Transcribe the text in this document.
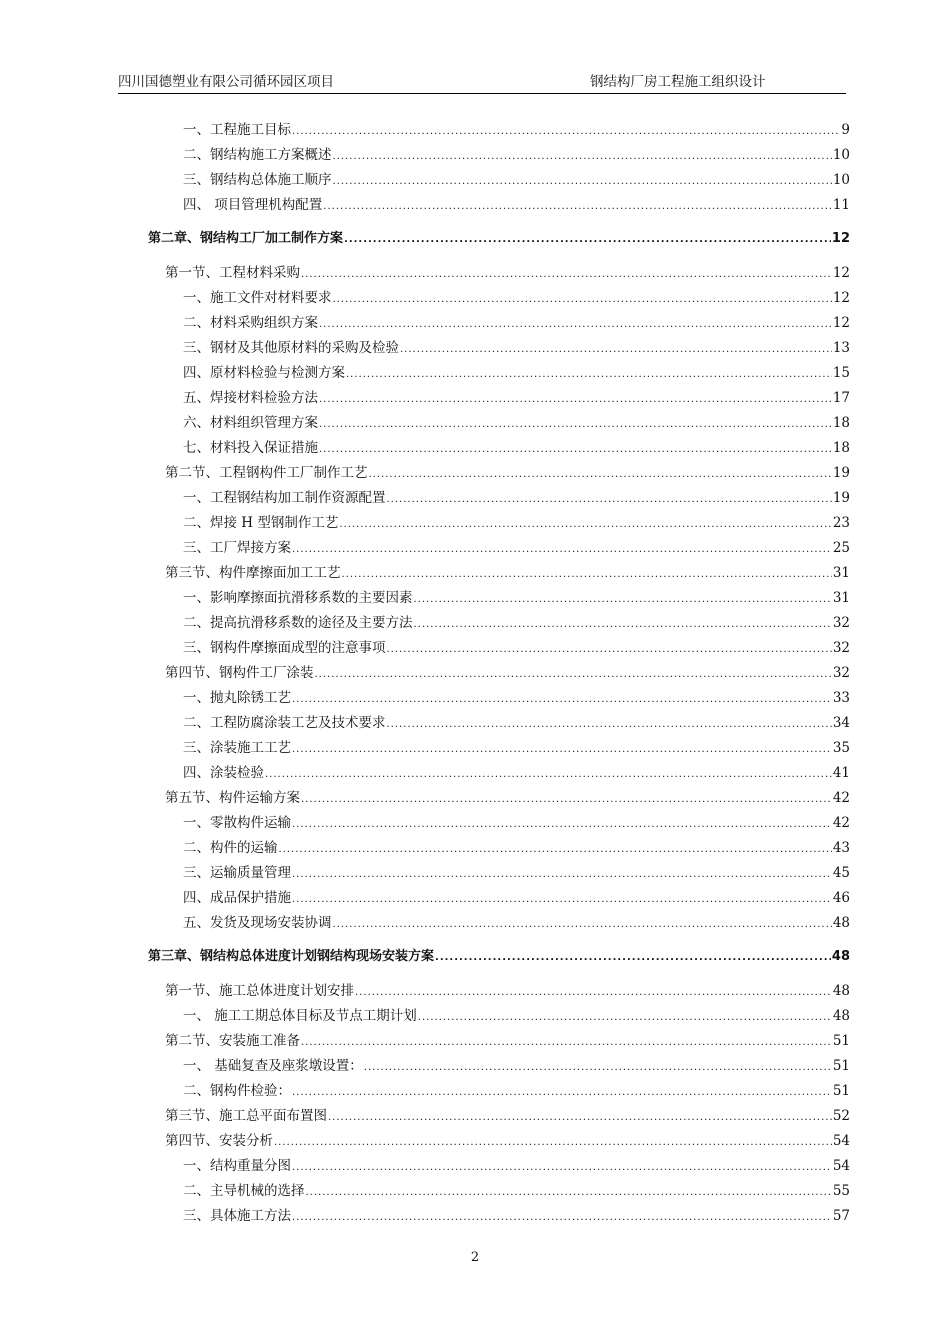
四川国德塑业有限公司循环园区项目	钢结构厂房工程施工组织设计
一、工程施工目标 .....	9
二、钢结构施工方案概述 .....	10
三、钢结构总体施工顺序 .....	10
四、 项目管理机构配置 .....	11
第二章、钢结构工厂加工制作方案 .....	12
第一节、工程材料采购 .....	12
一、施工文件对材料要求 .....	12
二、材料采购组织方案 .....	12
三、钢材及其他原材料的采购及检验 .....	13
四、原材料检验与检测方案 .....	15
五、焊接材料检验方法 .....	17
六、材料组织管理方案 .....	18
七、材料投入保证措施 .....	18
第二节、工程钢构件工厂制作工艺 .....	19
一、工程钢结构加工制作资源配置 .....	19
二、焊接 H 型钢制作工艺 .....	23
三、工厂焊接方案 .....	25
第三节、构件摩擦面加工工艺 .....	31
一、影响摩擦面抗滑移系数的主要因素 .....	31
二、提高抗滑移系数的途径及主要方法 .....	32
三、钢构件摩擦面成型的注意事项 .....	32
第四节、钢构件工厂涂装 .....	32
一、抛丸除锈工艺 .....	33
二、工程防腐涂装工艺及技术要求 .....	34
三、涂装施工工艺 .....	35
四、涂装检验 .....	41
第五节、构件运输方案 .....	42
一、零散构件运输 .....	42
二、构件的运输 .....	43
三、运输质量管理 .....	45
四、成品保护措施 .....	46
五、发货及现场安装协调 .....	48
第三章、钢结构总体进度计划钢结构现场安装方案 .....	48
第一节、施工总体进度计划安排 .....	48
一、 施工工期总体目标及节点工期计划 .....	48
第二节、安装施工准备 .....	51
一、 基础复查及座浆墩设置： .....	51
二、钢构件检验： .....	51
第三节、施工总平面布置图 .....	52
第四节、安装分析 .....	54
一、结构重量分图 .....	54
二、主导机械的选择 .....	55
三、具体施工方法 .....	57
2
